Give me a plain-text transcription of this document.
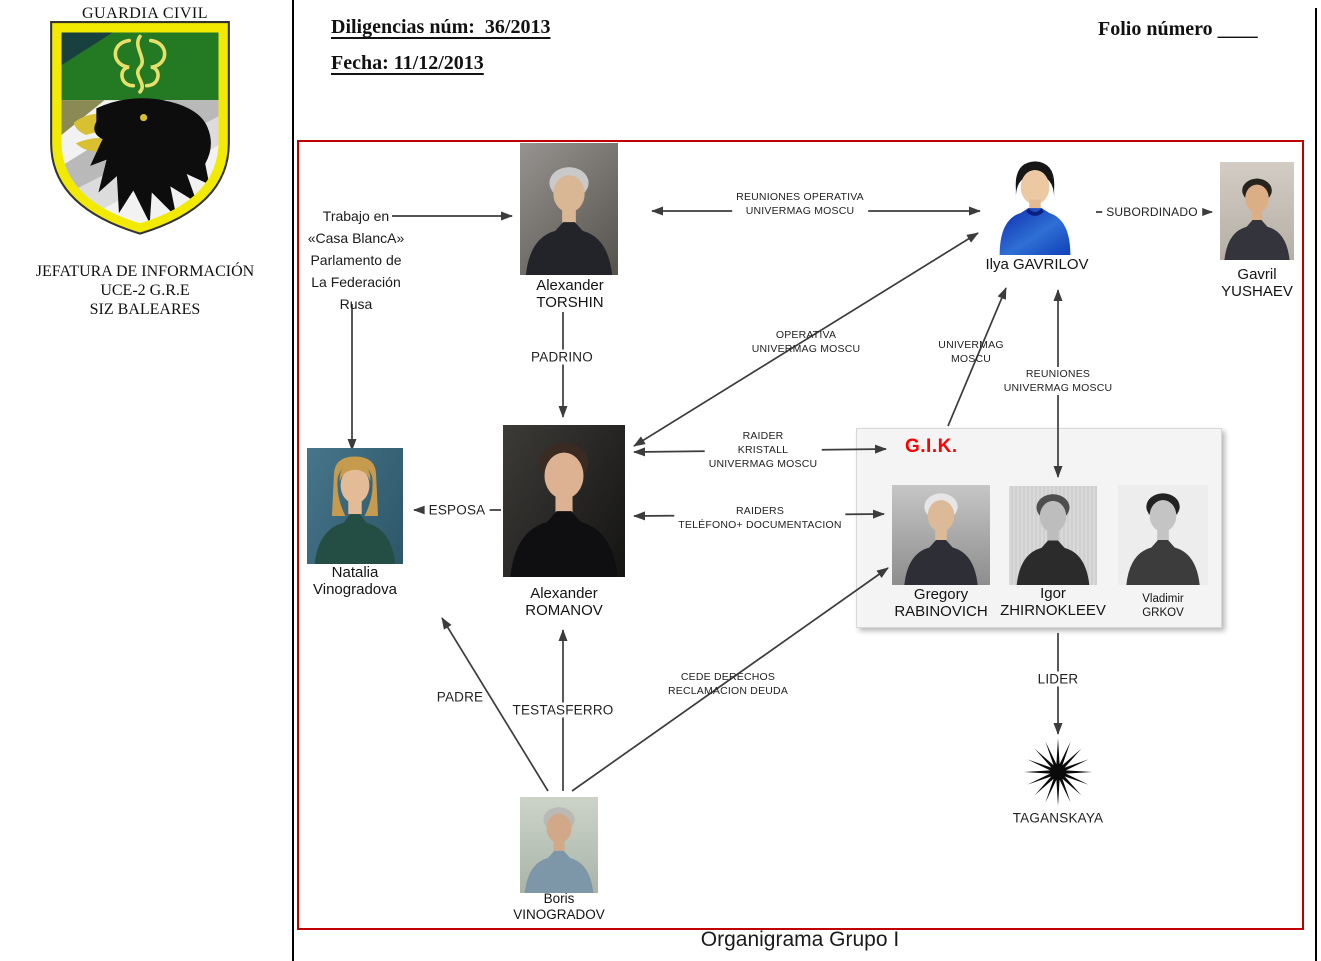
GUARDIA CIVIL
JEFATURA DE INFORMACIÓN
UCE-2 G.R.E
SIZ BALEARES
Diligencias núm:  36/2013
Fecha: 11/12/2013
Folio número ____
Organigrama Grupo I
Trabajo en
«Casa BlancA»
Parlamento de
La Federación
Rusa
G.I.K.
Alexander
TORSHIN
Ilya GAVRILOV
Gavril
YUSHAEV
Natalia
Vinogradova	Alexander
ROMANOV
Boris
VINOGRADOV
Gregory
RABINOVICH
Igor
ZHIRNOKLEEV
Vladimir
GRKOV
REUNIONES OPERATIVA
UNIVERMAG MOSCU	SUBORDINADO
PADRINO
OPERATIVA
UNIVERMAG MOSCU	UNIVERMAG
MOSCU
REUNIONES
UNIVERMAG MOSCU
RAIDER
KRISTALL
UNIVERMAG MOSCU
RAIDERS
TELÉFONO+ DOCUMENTACION
ESPOSA
PADRE
TESTASFERRO
CEDE DERECHOS
RECLAMACION DEUDA
LIDER
TAGANSKAYA
